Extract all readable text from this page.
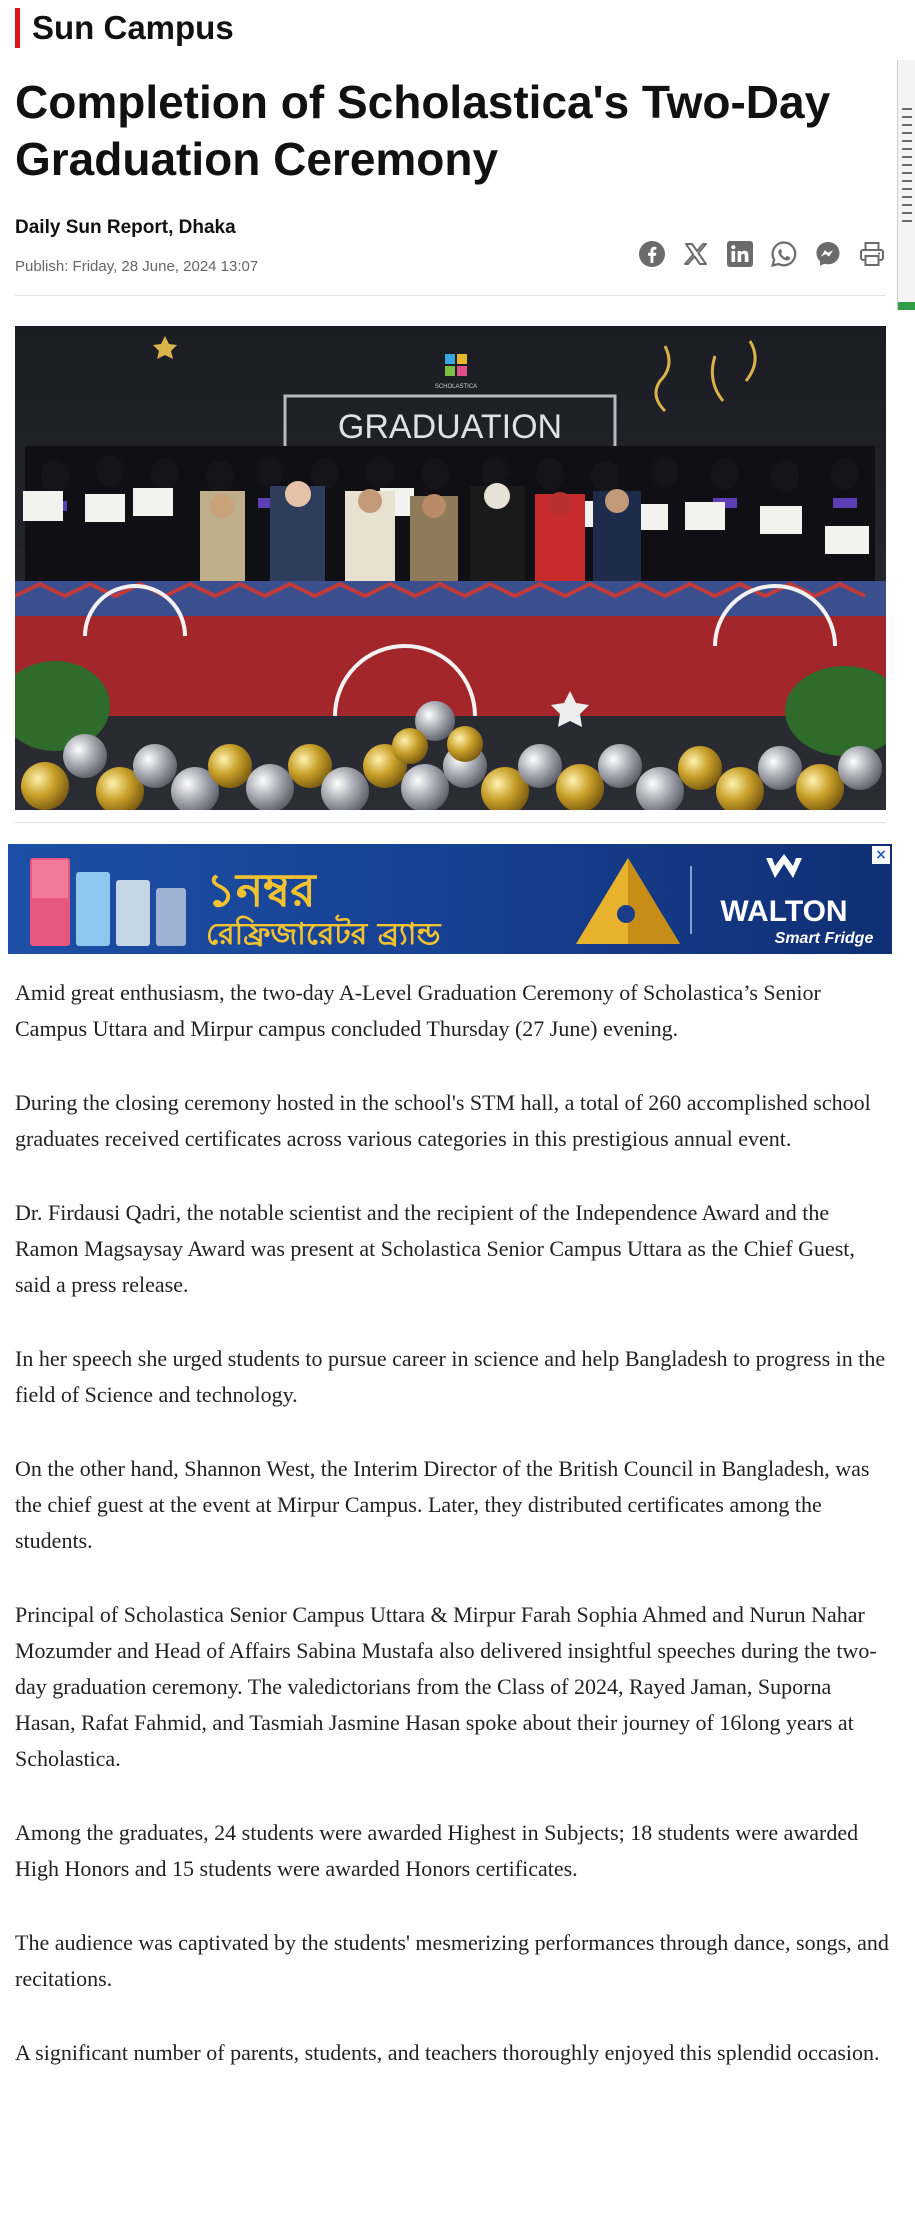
Sun Campus
Completion of Scholastica's Two-Day Graduation Ceremony
Daily Sun Report, Dhaka
Publish: Friday, 28 June, 2024 13:07
SCHOLASTICA
GRADUATION
১নম্বর
রেফ্রিজারেটর ব্র্যান্ড
WALTON
Smart Fridge
×

Amid great enthusiasm, the two-day A-Level Graduation Ceremony of Scholastica’s Senior Campus Uttara and Mirpur campus concluded Thursday (27 June) evening.

During the closing ceremony hosted in the school's STM hall, a total of 260 accomplished school graduates received certificates across various categories in this prestigious annual event.

Dr. Firdausi Qadri, the notable scientist and the recipient of the Independence Award and the Ramon Magsaysay Award was present at Scholastica Senior Campus Uttara as the Chief Guest, said a press release.

In her speech she urged students to pursue career in science and help Bangladesh to progress in the field of Science and technology.

On the other hand, Shannon West, the Interim Director of the British Council in Bangladesh, was the chief guest at the event at Mirpur Campus. Later, they distributed certificates among the students.

Principal of Scholastica Senior Campus Uttara & Mirpur Farah Sophia Ahmed and Nurun Nahar Mozumder and Head of Affairs Sabina Mustafa also delivered insightful speeches during the two-day graduation ceremony. The valedictorians from the Class of 2024, Rayed Jaman, Suporna Hasan, Rafat Fahmid, and Tasmiah Jasmine Hasan spoke about their journey of 16long years at Scholastica.

Among the graduates, 24 students were awarded Highest in Subjects; 18 students were awarded High Honors and 15 students were awarded Honors certificates.

The audience was captivated by the students' mesmerizing performances through dance, songs, and recitations.

A significant number of parents, students, and teachers thoroughly enjoyed this splendid occasion.
